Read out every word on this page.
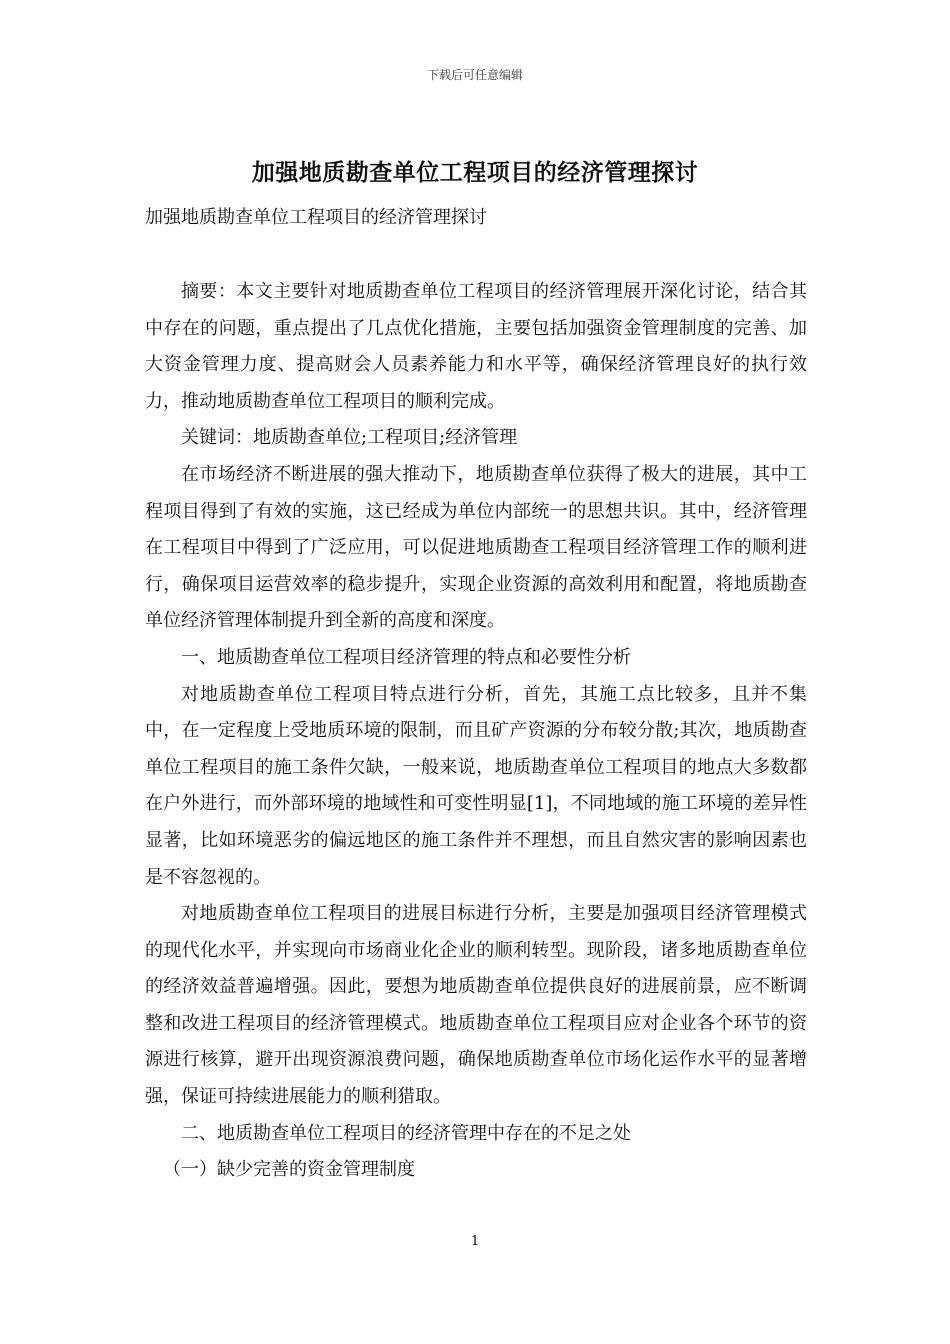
下载后可任意编辑
加强地质勘查单位工程项目的经济管理探讨
加强地质勘查单位工程项目的经济管理探讨

摘要：本文主要针对地质勘查单位工程项目的经济管理展开深化讨论，结合其中存在的问题，重点提出了几点优化措施，主要包括加强资金管理制度的完善、加大资金管理力度、提高财会人员素养能力和水平等，确保经济管理良好的执行效力，推动地质勘查单位工程项目的顺利完成。

关键词：地质勘查单位;工程项目;经济管理

在市场经济不断进展的强大推动下，地质勘查单位获得了极大的进展，其中工程项目得到了有效的实施，这已经成为单位内部统一的思想共识。其中，经济管理在工程项目中得到了广泛应用，可以促进地质勘查工程项目经济管理工作的顺利进行，确保项目运营效率的稳步提升，实现企业资源的高效利用和配置，将地质勘查单位经济管理体制提升到全新的高度和深度。

一、地质勘查单位工程项目经济管理的特点和必要性分析

对地质勘查单位工程项目特点进行分析，首先，其施工点比较多，且并不集中，在一定程度上受地质环境的限制，而且矿产资源的分布较分散;其次，地质勘查单位工程项目的施工条件欠缺，一般来说，地质勘查单位工程项目的地点大多数都在户外进行，而外部环境的地域性和可变性明显[1]，不同地域的施工环境的差异性显著，比如环境恶劣的偏远地区的施工条件并不理想，而且自然灾害的影响因素也是不容忽视的。

对地质勘查单位工程项目的进展目标进行分析，主要是加强项目经济管理模式的现代化水平，并实现向市场商业化企业的顺利转型。现阶段，诸多地质勘查单位的经济效益普遍增强。因此，要想为地质勘查单位提供良好的进展前景，应不断调整和改进工程项目的经济管理模式。地质勘查单位工程项目应对企业各个环节的资源进行核算，避开出现资源浪费问题，确保地质勘查单位市场化运作水平的显著增强，保证可持续进展能力的顺利猎取。

二、地质勘查单位工程项目的经济管理中存在的不足之处

（一）缺少完善的资金管理制度

1
